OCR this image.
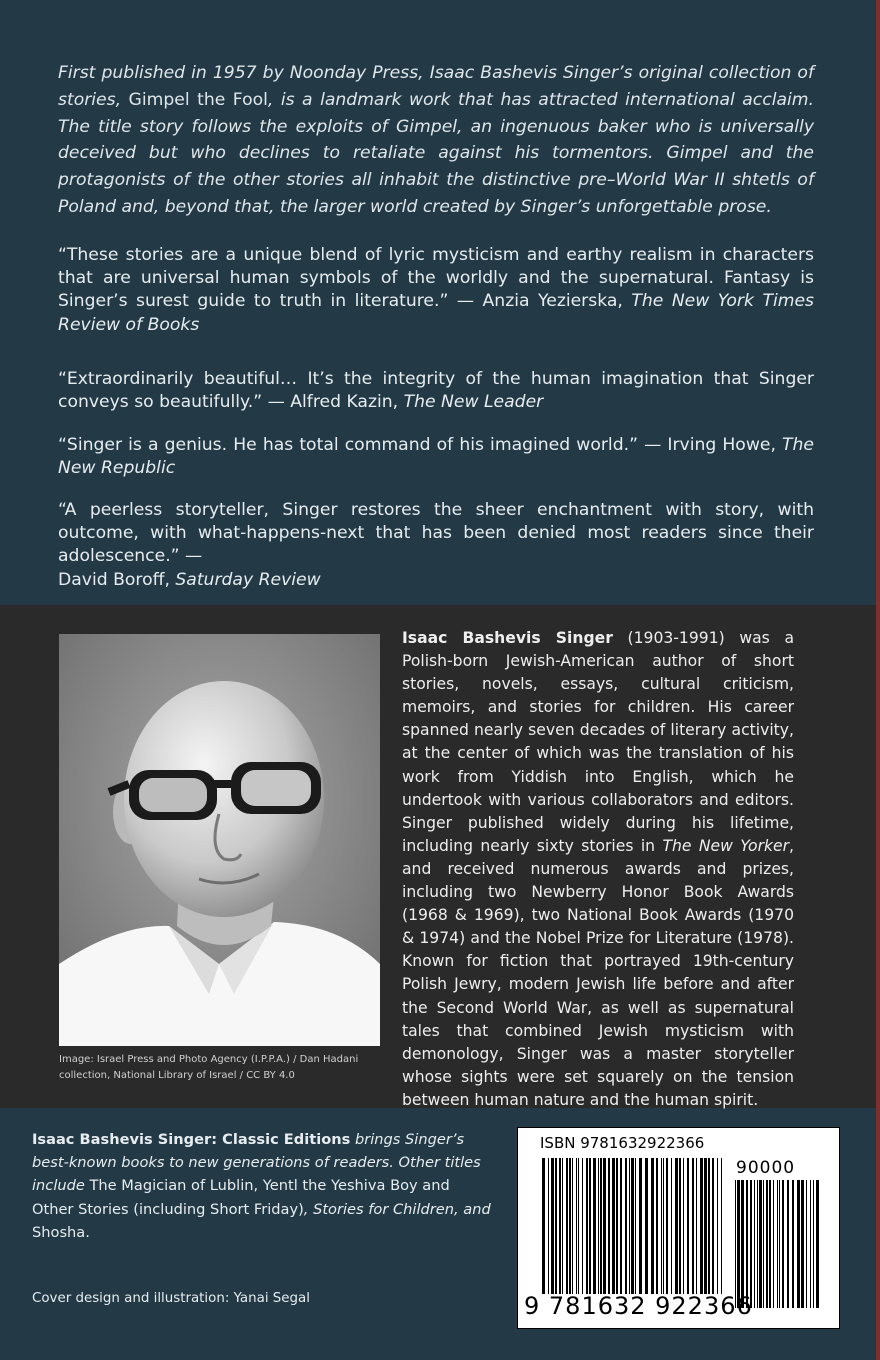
First published in 1957 by Noonday Press, Isaac Bashevis Singer’s original collection of stories, Gimpel the Fool, is a landmark work that has attracted international acclaim. The title story follows the exploits of Gimpel, an ingenuous baker who is universally deceived but who declines to retaliate against his tormentors. Gimpel and the protagonists of the other stories all inhabit the distinctive pre–World War II shtetls of Poland and, beyond that, the larger world created by Singer’s unforgettable prose.

“These stories are a unique blend of lyric mysticism and earthy realism in characters that are universal human symbols of the worldly and the supernatural. Fantasy is Singer’s surest guide to truth in literature.” — Anzia Yezierska, The New York Times Review of Books

“Extraordinarily beautiful… It’s the integrity of the human imagination that Singer conveys so beautifully.” — Alfred Kazin, The New Leader

“Singer is a genius. He has total command of his imagined world.” — Irving Howe, The New Republic

“A peerless storyteller, Singer restores the sheer enchantment with story, with outcome, with what-happens-next that has been denied most readers since their adolescence.” —
David Boroff, Saturday Review

Image: Israel Press and Photo Agency (I.P.P.A.) / Dan Hadani collection, National Library of Israel / CC BY 4.0

Isaac Bashevis Singer (1903-1991) was a Polish-born Jewish-American author of short stories, novels, essays, cultural criticism, memoirs, and stories for children. His career spanned nearly seven decades of literary activity, at the center of which was the translation of his work from Yiddish into English, which he undertook with various collaborators and editors. Singer published widely during his lifetime, including nearly sixty stories in The New Yorker, and received numerous awards and prizes, including two Newberry Honor Book Awards (1968 & 1969), two National Book Awards (1970 & 1974) and the Nobel Prize for Literature (1978). Known for fiction that portrayed 19th-century Polish Jewry, modern Jewish life before and after the Second World War, as well as supernatural tales that combined Jewish mysticism with demonology, Singer was a master storyteller whose sights were set squarely on the tension between human nature and the human spirit.

Isaac Bashevis Singer: Classic Editions brings Singer’s best-known books to new generations of readers. Other titles include The Magician of Lublin, Yentl the Yeshiva Boy and Other Stories (including Short Friday), Stories for Children, and Shosha.

Cover design and illustration: Yanai Segal

ISBN 9781632922366
90000
9 781632 922366
